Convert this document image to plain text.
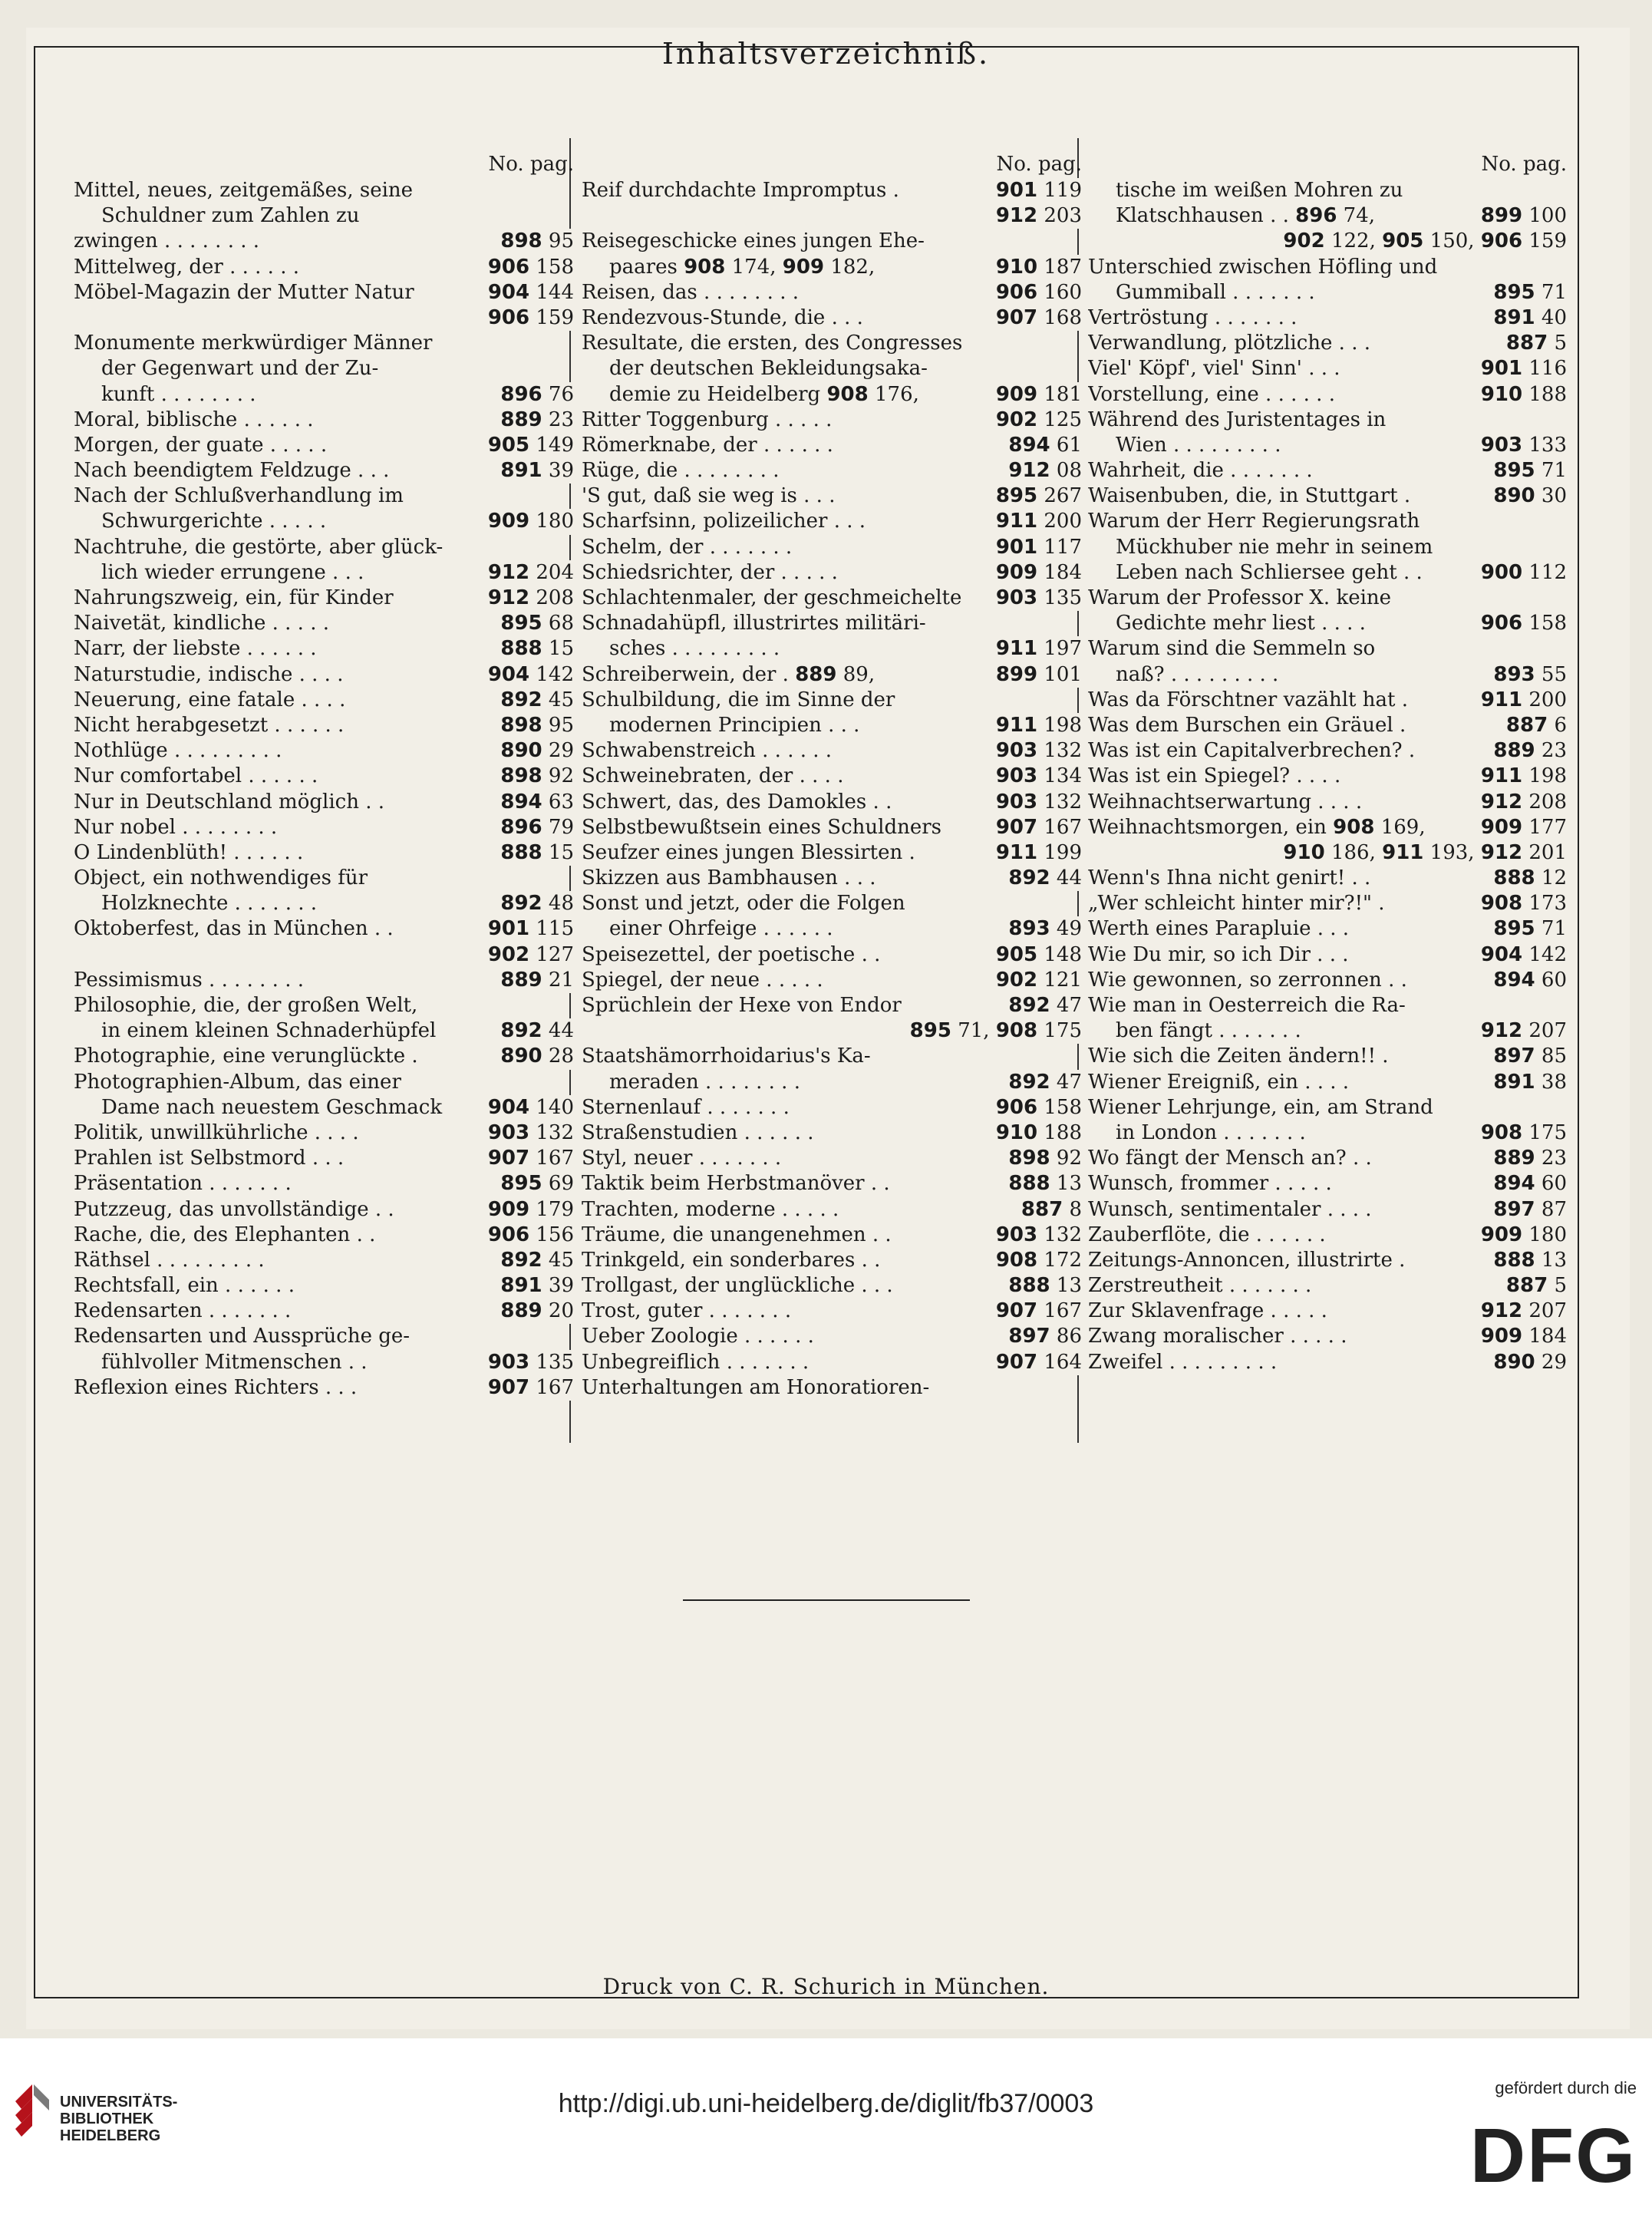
Inhaltsverzeichniß.
No. pag.
Mittel, neues, zeitgemäßes, seine
Schuldner zum Zahlen zu
zwingen . . . . . . . .	898 95
Mittelweg, der . . . . . .	906 158
Möbel-Magazin der Mutter Natur	904 144
906 159
Monumente merkwürdiger Männer
der Gegenwart und der Zu-
kunft . . . . . . . .	896 76
Moral, biblische . . . . . .	889 23
Morgen, der guate . . . . .	905 149
Nach beendigtem Feldzuge . . .	891 39
Nach der Schlußverhandlung im
Schwurgerichte . . . . .	909 180
Nachtruhe, die gestörte, aber glück-
lich wieder errungene . . .	912 204
Nahrungszweig, ein, für Kinder	912 208
Naivetät, kindliche . . . . .	895 68
Narr, der liebste . . . . . .	888 15
Naturstudie, indische . . . .	904 142
Neuerung, eine fatale . . . .	892 45
Nicht herabgesetzt . . . . . .	898 95
Nothlüge . . . . . . . . .	890 29
Nur comfortabel . . . . . .	898 92
Nur in Deutschland möglich . .	894 63
Nur nobel . . . . . . . .	896 79
O Lindenblüth! . . . . . .	888 15
Object, ein nothwendiges für
Holzknechte . . . . . . .	892 48
Oktoberfest, das in München . .	901 115
902 127
Pessimismus . . . . . . . .	889 21
Philosophie, die, der großen Welt,
in einem kleinen Schnaderhüpfel	892 44
Photographie, eine verunglückte .	890 28
Photographien-Album, das einer
Dame nach neuestem Geschmack 904 140
Politik, unwillkührliche . . . .	903 132
Prahlen ist Selbstmord . . .	907 167
Präsentation . . . . . . .	895 69
Putzzeug, das unvollständige . .	909 179
Rache, die, des Elephanten . .	906 156
Räthsel . . . . . . . . .	892 45
Rechtsfall, ein . . . . . .	891 39
Redensarten . . . . . . .	889 20
Redensarten und Aussprüche ge-
fühlvoller Mitmenschen . .	903 135
Reflexion eines Richters . . .	907 167
No. pag.
Reif durchdachte Impromptus .	901 119
912 203
Reisegeschicke eines jungen Ehe-
paares 908 174, 909 182,	910 187
Reisen, das . . . . . . . .	906 160
Rendezvous-Stunde, die . . .	907 168
Resultate, die ersten, des Congresses
der deutschen Bekleidungsaka-
demie zu Heidelberg 908 176,	909 181
Ritter Toggenburg . . . . .	902 125
Römerknabe, der . . . . . .	894 61
Rüge, die . . . . . . . .	912 08
'S gut, daß sie weg is . . .	895 267
Scharfsinn, polizeilicher . . .	911 200
Schelm, der . . . . . . .	901 117
Schiedsrichter, der . . . . .	909 184
Schlachtenmaler, der geschmeichelte 903 135
Schnadahüpfl, illustrirtes militäri-
sches . . . . . . . . .	911 197
Schreiberwein, der . 889 89,	899 101
Schulbildung, die im Sinne der
modernen Principien . . .	911 198
Schwabenstreich . . . . . .	903 132
Schweinebraten, der . . . .	903 134
Schwert, das, des Damokles . .	903 132
Selbstbewußtsein eines Schuldners	907 167
Seufzer eines jungen Blessirten .	911 199
Skizzen aus Bambhausen . . .	892 44
Sonst und jetzt, oder die Folgen
einer Ohrfeige . . . . . .	893 49
Speisezettel, der poetische . .	905 148
Spiegel, der neue . . . . .	902 121
Sprüchlein der Hexe von Endor	892 47
895 71, 908 175
Staatshämorrhoidarius's Ka-
meraden . . . . . . . .	892 47
Sternenlauf . . . . . . .	906 158
Straßenstudien . . . . . .	910 188
Styl, neuer . . . . . . .	898 92
Taktik beim Herbstmanöver . .	888 13
Trachten, moderne . . . . .	887 8
Träume, die unangenehmen . .	903 132
Trinkgeld, ein sonderbares . .	908 172
Trollgast, der unglückliche . . .	888 13
Trost, guter . . . . . . .	907 167
Ueber Zoologie . . . . . .	897 86
Unbegreiflich . . . . . . .	907 164
Unterhaltungen am Honoratioren-
No. pag.
tische im weißen Mohren zu
Klatschhausen . . 896 74,	899 100
902 122, 905 150, 906 159
Unterschied zwischen Höfling und
Gummiball . . . . . . .	895 71
Vertröstung . . . . . . .	891 40
Verwandlung, plötzliche . . .	887 5
Viel' Köpf', viel' Sinn' . . .	901 116
Vorstellung, eine . . . . . .	910 188
Während des Juristentages in
Wien . . . . . . . . .	903 133
Wahrheit, die . . . . . . .	895 71
Waisenbuben, die, in Stuttgart .	890 30
Warum der Herr Regierungsrath
Mückhuber nie mehr in seinem
Leben nach Schliersee geht . .	900 112
Warum der Professor X. keine
Gedichte mehr liest . . . .	906 158
Warum sind die Semmeln so
naß? . . . . . . . . .	893 55
Was da Förschtner vazählt hat .	911 200
Was dem Burschen ein Gräuel .	887 6
Was ist ein Capitalverbrechen? .	889 23
Was ist ein Spiegel? . . . .	911 198
Weihnachtserwartung . . . .	912 208
Weihnachtsmorgen, ein 908 169,	909 177
910 186, 911 193, 912 201
Wenn's Ihna nicht genirt! . .	888 12
„Wer schleicht hinter mir?!" .	908 173
Werth eines Parapluie . . .	895 71
Wie Du mir, so ich Dir . . .	904 142
Wie gewonnen, so zerronnen . .	894 60
Wie man in Oesterreich die Ra-
ben fängt . . . . . . .	912 207
Wie sich die Zeiten ändern!! .	897 85
Wiener Ereigniß, ein . . . .	891 38
Wiener Lehrjunge, ein, am Strand
in London . . . . . . .	908 175
Wo fängt der Mensch an? . .	889 23
Wunsch, frommer . . . . .	894 60
Wunsch, sentimentaler . . . .	897 87
Zauberflöte, die . . . . . .	909 180
Zeitungs-Annoncen, illustrirte .	888 13
Zerstreutheit . . . . . . .	887 5
Zur Sklavenfrage . . . . .	912 207
Zwang moralischer . . . . .	909 184
Zweifel . . . . . . . . .	890 29
Druck von C. R. Schurich in München.
UNIVERSITÄTS-
BIBLIOTHEK
HEIDELBERG
http://digi.ub.uni-heidelberg.de/diglit/fb37/0003
gefördert durch die
DFG
